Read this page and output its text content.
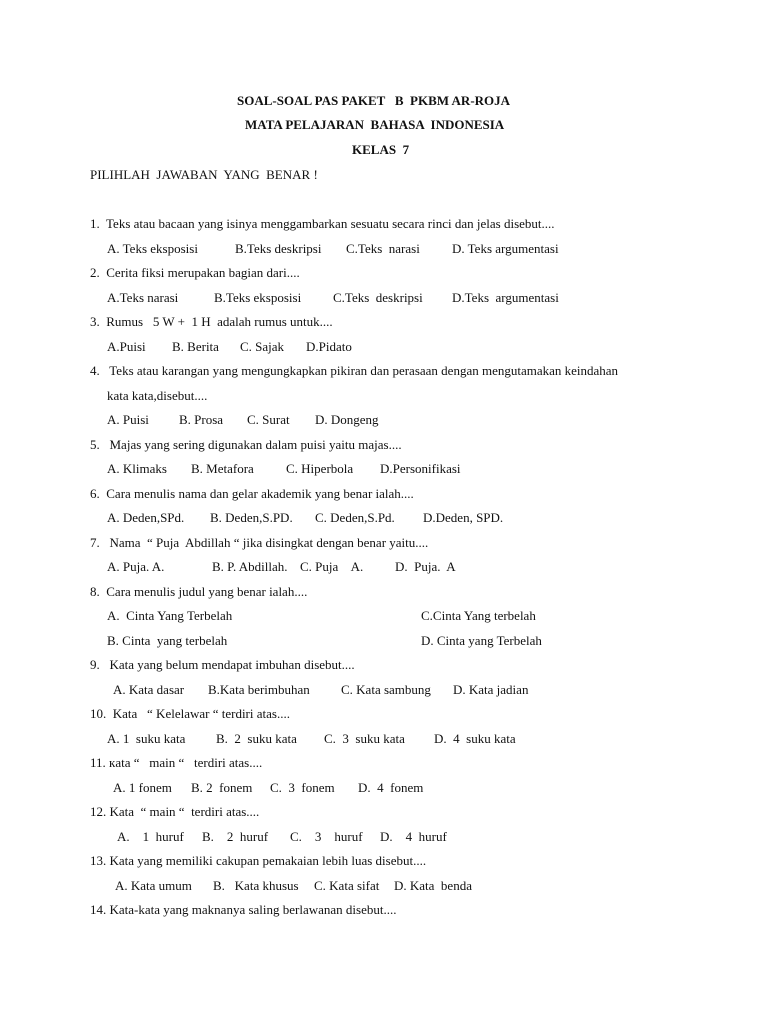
SOAL-SOAL PAS PAKET   B  PKBM AR-ROJA
MATA PELAJARAN  BAHASA  INDONESIA
KELAS  7
PILIHLAH  JAWABAN  YANG  BENAR !
1.  Teks atau bacaan yang isinya menggambarkan sesuatu secara rinci dan jelas disebut....
A. Teks eksposisi	B.Teks deskripsi C.Teks  narasi D. Teks argumentasi
2.  Cerita fiksi merupakan bagian dari....
A.Teks narasi	B.Teks eksposisi C.Teks  deskripsi D.Teks  argumentasi
3.  Rumus   5 W +  1 H  adalah rumus untuk....
A.Puisi B. Berita C. Sajak D.Pidato
4.   Teks atau karangan yang mengungkapkan pikiran dan perasaan dengan mengutamakan keindahan
kata kata,disebut....
A. Puisi B. Prosa C. Surat D. Dongeng
5.   Majas yang sering digunakan dalam puisi yaitu majas....
A. Klimaks B. Metafora C. Hiperbola D.Personifikasi
6.  Cara menulis nama dan gelar akademik yang benar ialah....
A. Deden,SPd. B. Deden,S.PD. C. Deden,S.Pd. D.Deden, SPD.
7.   Nama  “ Puja  Abdillah “ jika disingkat dengan benar yaitu....
A. Puja. A.	B. P. Abdillah. C. Puja    A. D.  Puja.  A
8.  Cara menulis judul yang benar ialah....
A.  Cinta Yang Terbelah	C.Cinta Yang terbelah
B. Cinta  yang terbelah	D. Cinta yang Terbelah
9.   Kata yang belum mendapat imbuhan disebut....
A. Kata dasar B.Kata berimbuhan C. Kata sambung D. Kata jadian
10.  Kata   “ Kelelawar “ terdiri atas....
A. 1  suku kata B.  2  suku kata C.  3  suku kata D.  4  suku kata
11. кata “   main “   terdiri atas....
A. 1 fonem B. 2  fonem C.  3  fonem D.  4  fonem
12. Kata  “ main “  terdiri atas....
A.    1  huruf B.    2  huruf C.    3    huruf D.    4  huruf
13. Kata yang memiliki cakupan pemakaian lebih luas disebut....
A. Kata umum B.   Kata khusus C. Kata sifat D. Kata  benda
14. Kata-kata yang maknanya saling berlawanan disebut....
